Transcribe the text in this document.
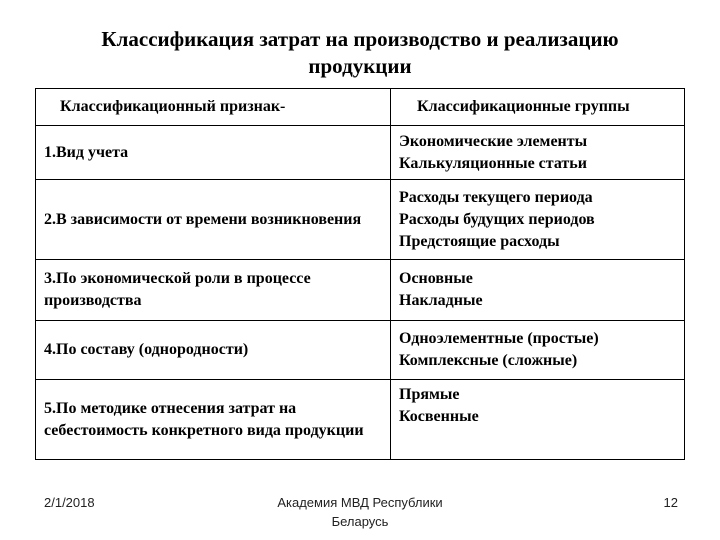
Классификация затрат на производство и реализацию
продукции
Классификационный признак-	Классификационные группы
1.Вид учета	Экономические элементы
Калькуляционные статьи

2.В зависимости от времени возникновения	Расходы текущего периода
Расходы будущих периодов
Предстоящие расходы

3.По экономической роли в процессе производства	Основные
Накладные

4.По составу (однородности)	Одноэлементные (простые)
Комплексные (сложные)

5.По методике отнесения затрат на себестоимость конкретного вида продукции	Прямые
Косвенные
2/1/2018	Академия МВД Республики
Беларусь
12
